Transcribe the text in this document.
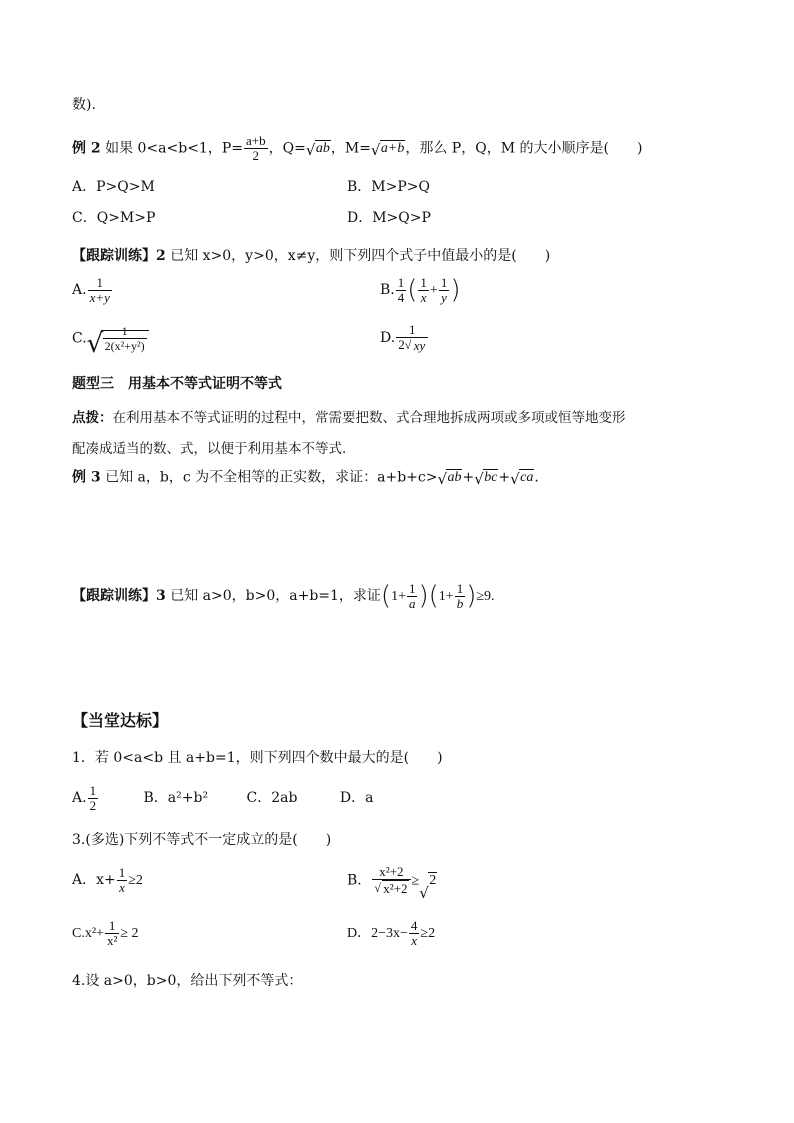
数).
例 2 如果 0<a<b<1，$P= \frac{a+b}{2}$ ，Q= √ ab，M= √ a+b，那么 P，Q，M 的大小顺序是(　　)
A．P>Q>M	B．M>P>Q
C．Q>M>P	D．M>Q>P
【跟踪训练】2 已知 x>0，y>0，x≠y，则下列四个式子中值最小的是(　　)
A. $\frac{1}{x+y}$	B. $\frac{1}{4}$ ( $\frac{1}{x} + \frac{1}{y}$ )
C. √ $\frac{1}{\text{2(x²+y²)}}$	D. $\frac{1}{2 √ xy}$
题型三　用基本不等式证明不等式
点拨：在利用基本不等式证明的过程中，常需要把数、式合理地拆成两项或多项或恒等地变形
配凑成适当的数、式，以便于利用基本不等式.
例 3 已知 a，b，c 为不全相等的正实数，求证：a+b+c> √ ab+ √ bc+ √ ca.
【跟踪训练】3 已知 a>0，b>0，a+b=1，求证$(1+ \frac{1}{a} )(1+ \frac{1}{b} )\ge 9$.
【当堂达标】
1．若 0<a<b 且 a+b=1，则下列四个数中最大的是(　　)
A. $\frac{1}{2}$	B．a²+b²	C．2ab	D．a
3.(多选)下列不等式不一定成立的是(　　)
A．$x+ \frac{1}{x} \ge 2$	B． $\frac{\text{x²+2}}{\text{√ x²+2}}$ ≥
√
2
$C.x^2+ \frac{1}{\text{x²}} \ge 2$	D．$2-3x- \frac{4}{x} \ge 2$
4.设 a>0，b>0，给出下列不等式：
